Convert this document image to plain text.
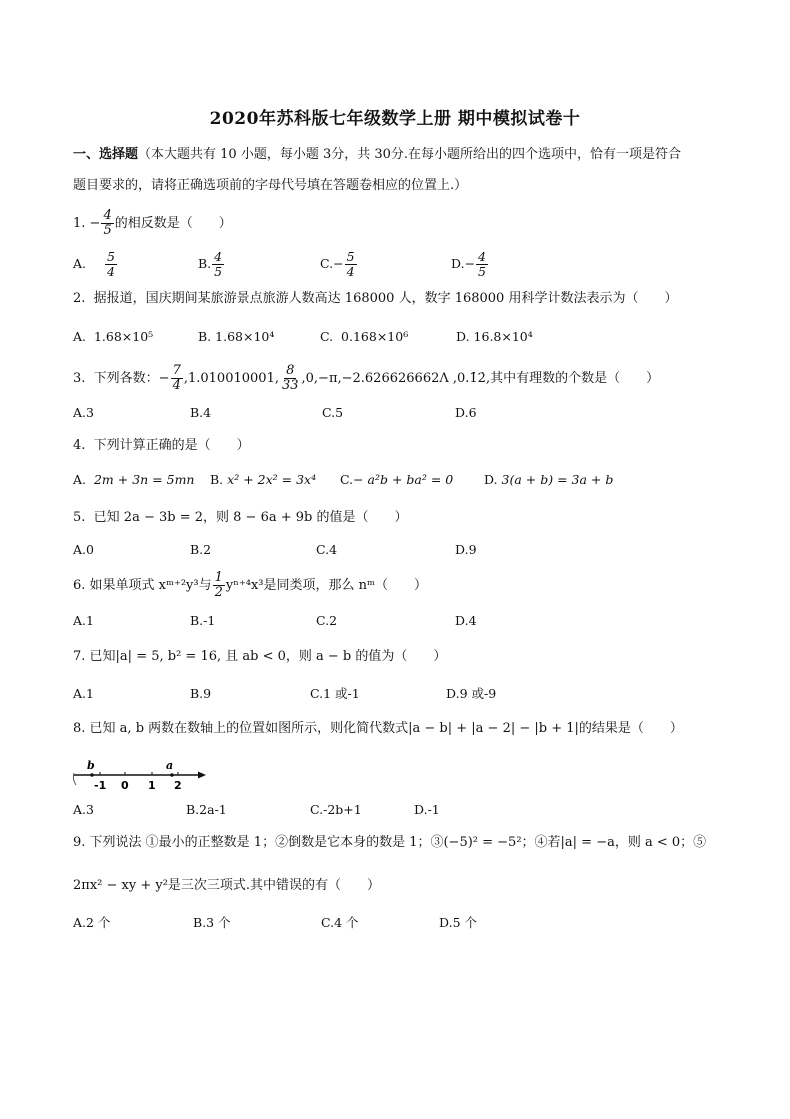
2020年苏科版七年级数学上册 期中模拟试卷十
一、选择题（本大题共有 10 小题，每小题 3分，共 30分.在每小题所给出的四个选项中，恰有一项是符合
题目要求的，请将正确选项前的字母代号填在答题卷相应的位置上.）
1. − $\frac{4}{5}$ 的相反数是（　　）
A. $\frac{5}{4}$	B. $\frac{4}{5}$	$C.- \frac{5}{4}$	$D.- \frac{4}{5}$
2. 据报道，国庆期间某旅游景点旅游人数高达 168000 人，数字 168000 用科学计数法表示为（　　）
A. 1.68×10⁵	B. 1.68×10⁴	C. 0.168×10⁶	D. 16.8×10⁴
3. 下列各数：− $\frac{7}{4} ,1.010010001$, $\frac{8}{33} ,0,-\pi,-2.626626662\Lambda$ ,0.1̇2̇,其中有理数的个数是（　　）
A.3	B.4	C.5	D.6
4. 下列计算正确的是（　　）
A. 2m + 3n = 5mn B. x² + 2x² = 3x⁴ C.− a²b + ba² = 0 D. 3(a + b) = 3a + b
5. 已知 2a − 3b = 2，则 8 − 6a + 9b 的值是（　　）
A.0	B.2	C.4	D.9
6. 如果单项式 xᵐ⁺²y³与 $\frac{1}{2} y^{n+4}x^3$是同类项，那么 nᵐ（　　）
A.1	B.-1	C.2	D.4
7. 已知|a| = 5, b² = 16, 且 ab < 0，则 a − b 的值为（　　）
A.1	B.9	C.1 或-1	D.9 或-9
8. 已知 a, b 两数在数轴上的位置如图所示，则化简代数式|a − b| + |a − 2| − |b + 1|的结果是（　　）
b	a
-1 0 1 2
A.3	B.2a-1	C.-2b+1	D.-1
9. 下列说法 ①最小的正整数是 1；②倒数是它本身的数是 1；③(−5)² = −5²；④若|a| = −a，则 a < 0；⑤
2πx² − xy + y²是三次三项式.其中错误的有（　　）
A.2 个	B.3 个	C.4 个	D.5 个
